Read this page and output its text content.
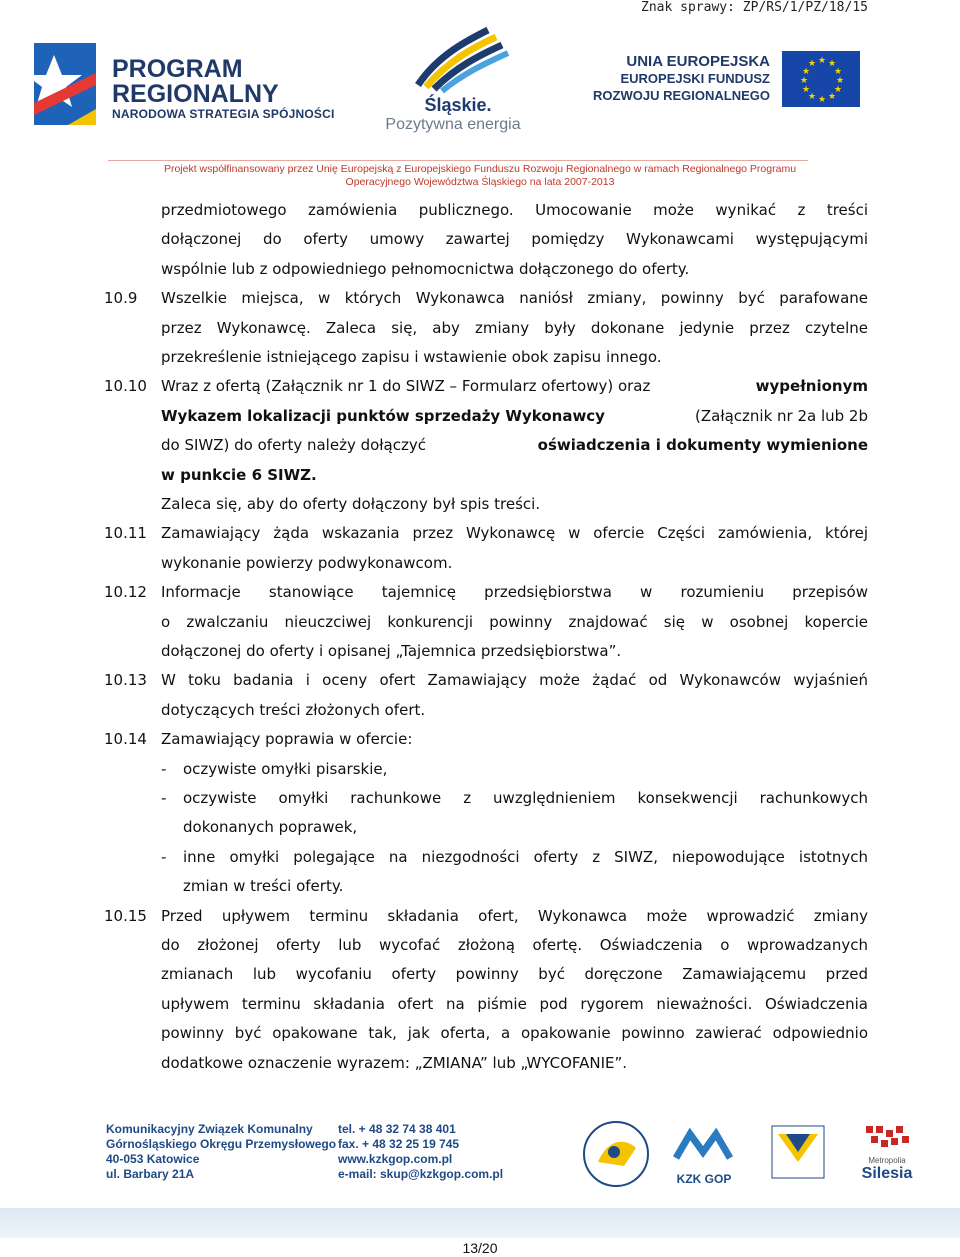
Znak sprawy: ZP/RS/1/PZ/18/15
PROGRAM
REGIONALNY
NARODOWA STRATEGIA SPÓJNOŚCI	Śląskie.
Pozytywna energia
UNIA EUROPEJSKA
EUROPEJSKI FUNDUSZ
ROZWOJU REGIONALNEGO
★ ★
★
★
★
★
★
★
★
★
★
★
Projekt współfinansowany przez Unię Europejską z Europejskiego Funduszu Rozwoju Regionalnego w ramach Regionalnego Programu
Operacyjnego Województwa Śląskiego na lata 2007-2013
przedmiotowego zamówienia publicznego. Umocowanie może wynikać z treści
dołączonej do oferty umowy zawartej pomiędzy Wykonawcami występującymi
wspólnie lub z odpowiedniego pełnomocnictwa dołączonego do oferty.
10.9 Wszelkie miejsca, w których Wykonawca naniósł zmiany, powinny być parafowane
przez Wykonawcę. Zaleca się, aby zmiany były dokonane jedynie przez czytelne
przekreślenie istniejącego zapisu i wstawienie obok zapisu innego.
10.10 Wraz z ofertą (Załącznik nr 1 do SIWZ – Formularz ofertowy) oraz	wypełnionym
Wykazem lokalizacji punktów sprzedaży Wykonawcy	(Załącznik nr 2a lub 2b
do SIWZ) do oferty należy dołączyć	oświadczenia i dokumenty wymienione
w punkcie 6 SIWZ.
Zaleca się, aby do oferty dołączony był spis treści.
10.11 Zamawiający żąda wskazania przez Wykonawcę w ofercie Części zamówienia, której
wykonanie powierzy podwykonawcom.
10.12 Informacje stanowiące tajemnicę przedsiębiorstwa w rozumieniu przepisów
o zwalczaniu nieuczciwej konkurencji powinny znajdować się w osobnej kopercie
dołączonej do oferty i opisanej „Tajemnica przedsiębiorstwa”.
10.13 W toku badania i oceny ofert Zamawiający może żądać od Wykonawców wyjaśnień
dotyczących treści złożonych ofert.
10.14 Zamawiający poprawia w ofercie:
- oczywiste omyłki pisarskie,
- oczywiste omyłki rachunkowe z uwzględnieniem konsekwencji rachunkowych
dokonanych poprawek,
- inne omyłki polegające na niezgodności oferty z SIWZ, niepowodujące istotnych
zmian w treści oferty.
10.15 Przed upływem terminu składania ofert, Wykonawca może wprowadzić zmiany
do złożonej oferty lub wycofać złożoną ofertę. Oświadczenia o wprowadzanych
zmianach lub wycofaniu oferty powinny być doręczone Zamawiającemu przed
upływem terminu składania ofert na piśmie pod rygorem nieważności. Oświadczenia
powinny być opakowane tak, jak oferta, a opakowanie powinno zawierać odpowiednio
dodatkowe oznaczenie wyrazem: „ZMIANA” lub „WYCOFANIE”.
Komunikacyjny Związek Komunalny
Górnośląskiego Okręgu Przemysłowego
40-053 Katowice
ul. Barbary 21A
tel. + 48 32 74 38 401
fax. + 48 32 25 19 745
www.kzkgop.com.pl
e-mail: skup@kzkgop.com.pl	KZK GOP
Metropolia
Silesia
13/20
